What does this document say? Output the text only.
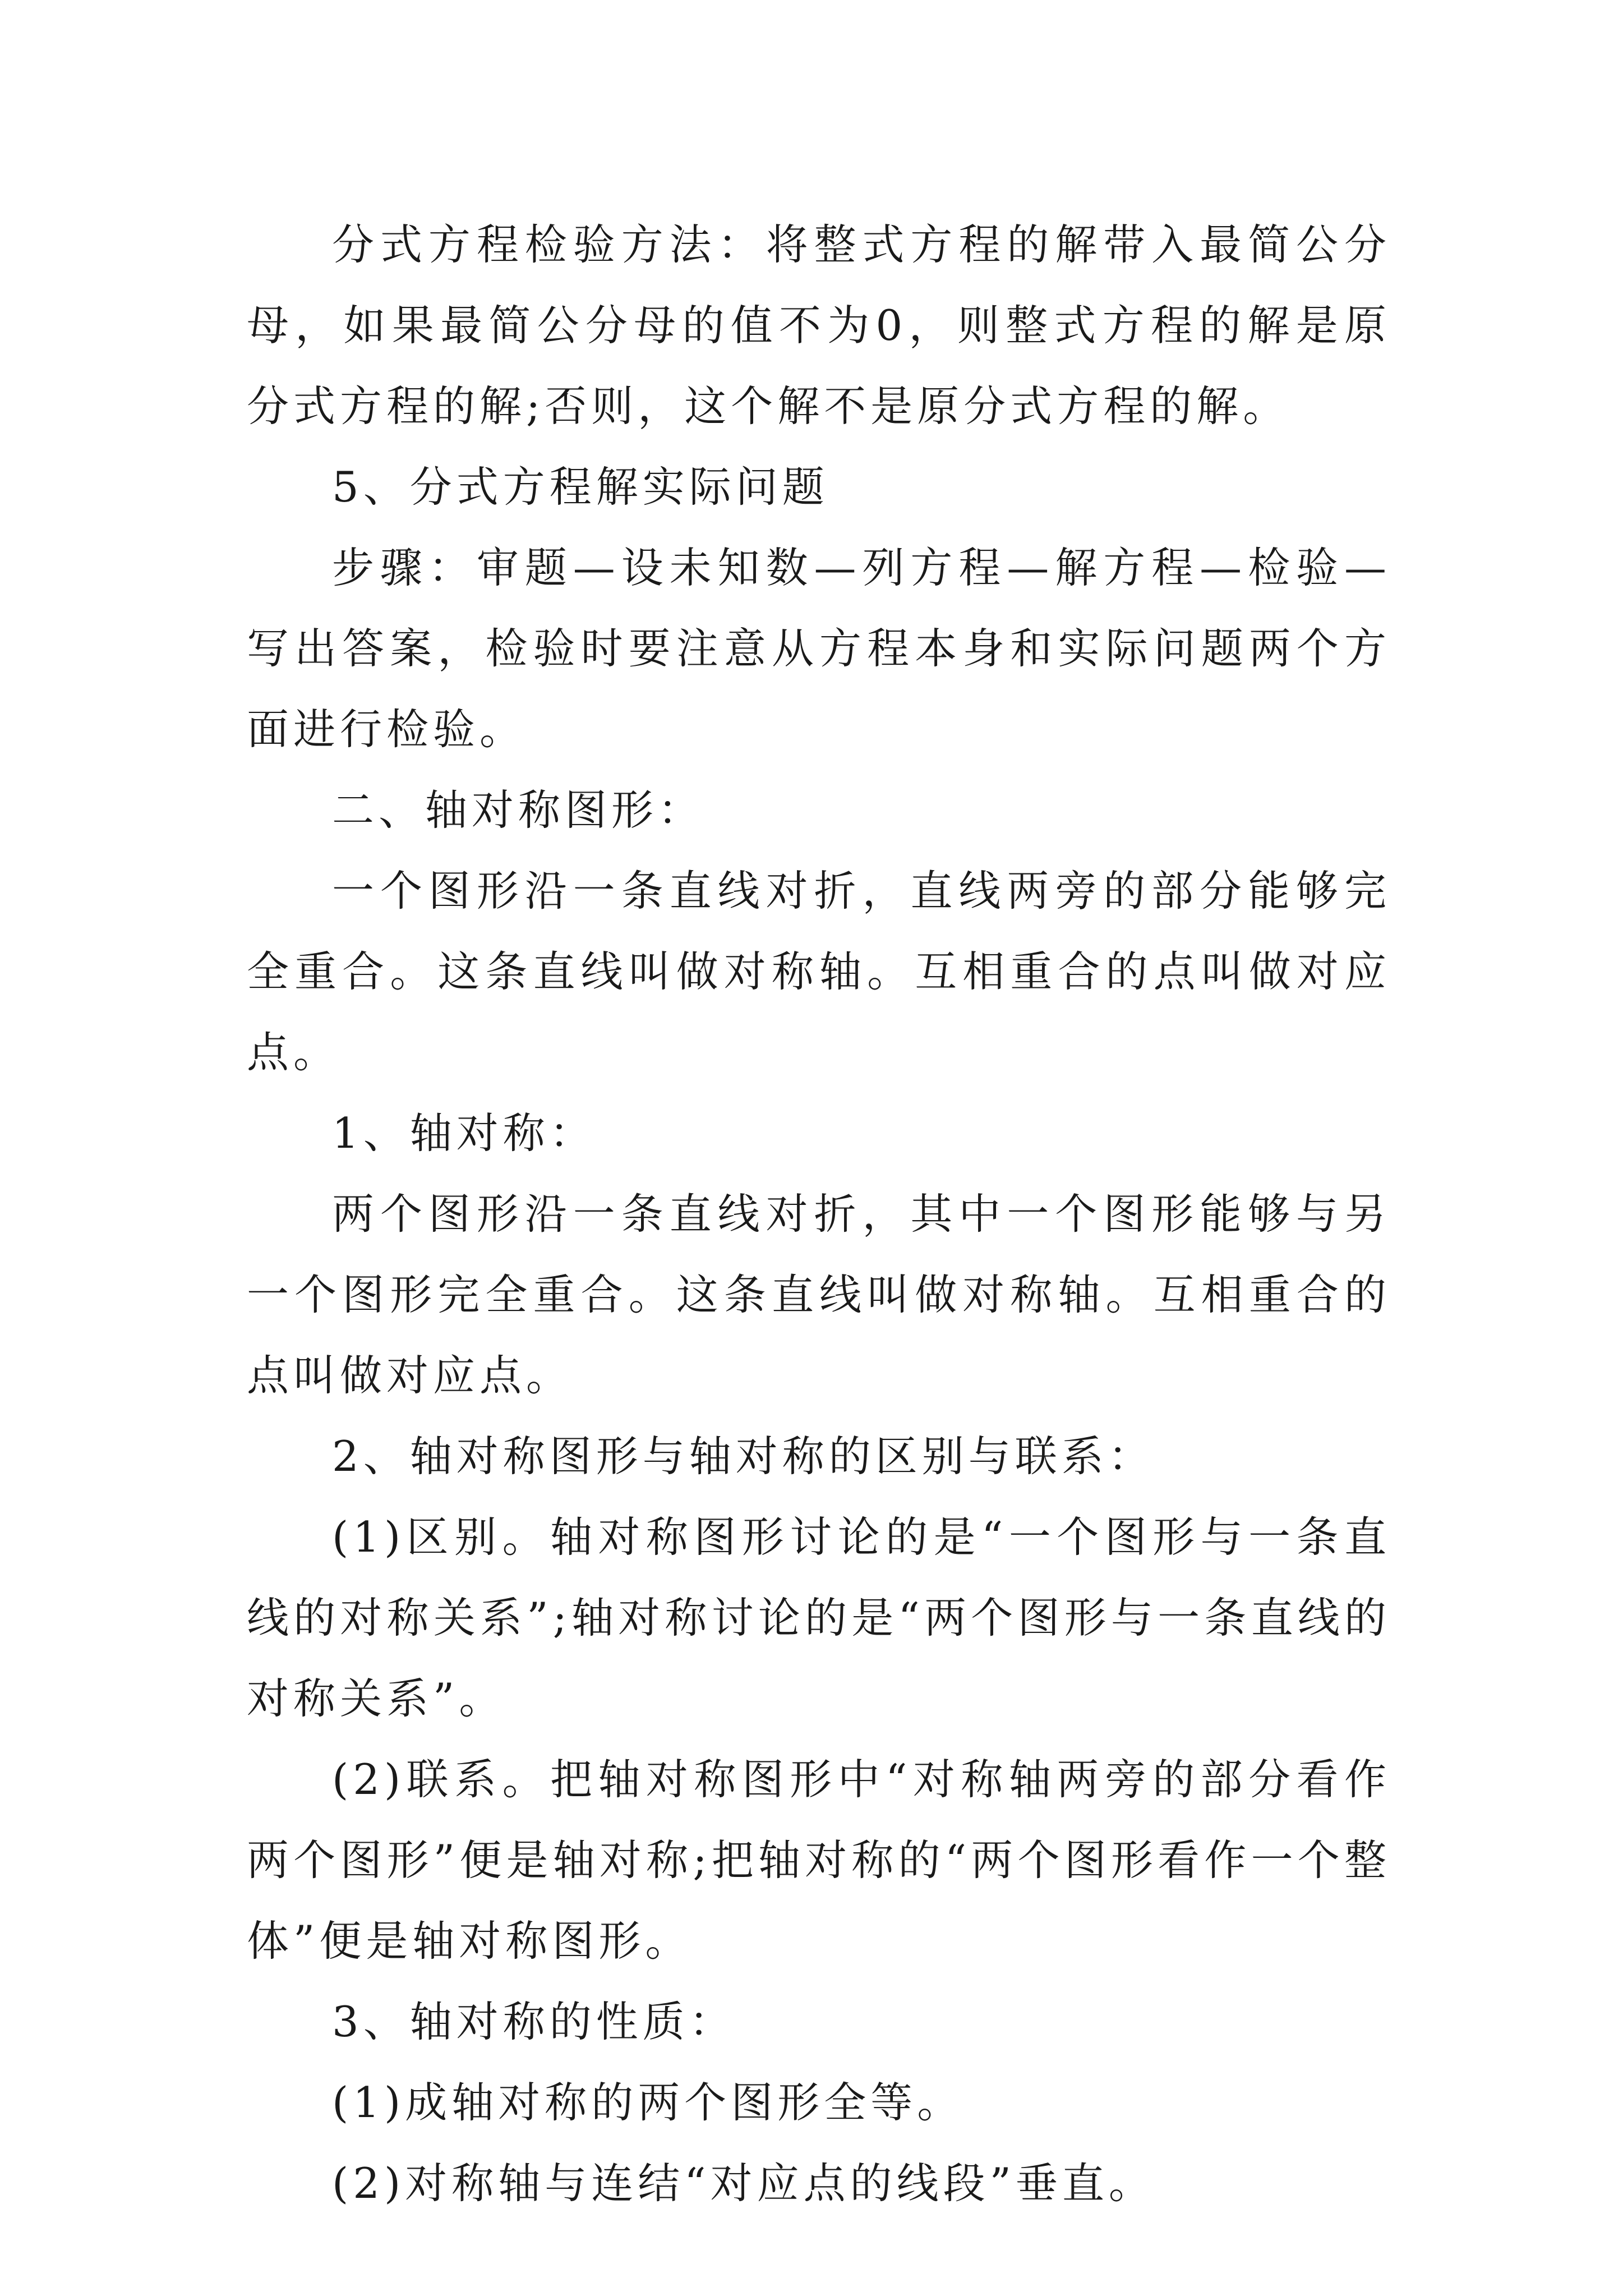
分式方程检验方法：将整式方程的解带入最简公分母，如果最简公分母的值不为0，则整式方程的解是原分式方程的解;否则，这个解不是原分式方程的解。

5、分式方程解实际问题

步骤：审题—设未知数—列方程—解方程—检验—写出答案，检验时要注意从方程本身和实际问题两个方面进行检验。

二、轴对称图形：

一个图形沿一条直线对折，直线两旁的部分能够完全重合。这条直线叫做对称轴。互相重合的点叫做对应点。

1、轴对称：

两个图形沿一条直线对折，其中一个图形能够与另一个图形完全重合。这条直线叫做对称轴。互相重合的点叫做对应点。

2、轴对称图形与轴对称的区别与联系：

(1)区别。轴对称图形讨论的是“一个图形与一条直线的对称关系”;轴对称讨论的是“两个图形与一条直线的对称关系”。

(2)联系。把轴对称图形中“对称轴两旁的部分看作两个图形”便是轴对称;把轴对称的“两个图形看作一个整体”便是轴对称图形。

3、轴对称的性质：

(1)成轴对称的两个图形全等。

(2)对称轴与连结“对应点的线段”垂直。
